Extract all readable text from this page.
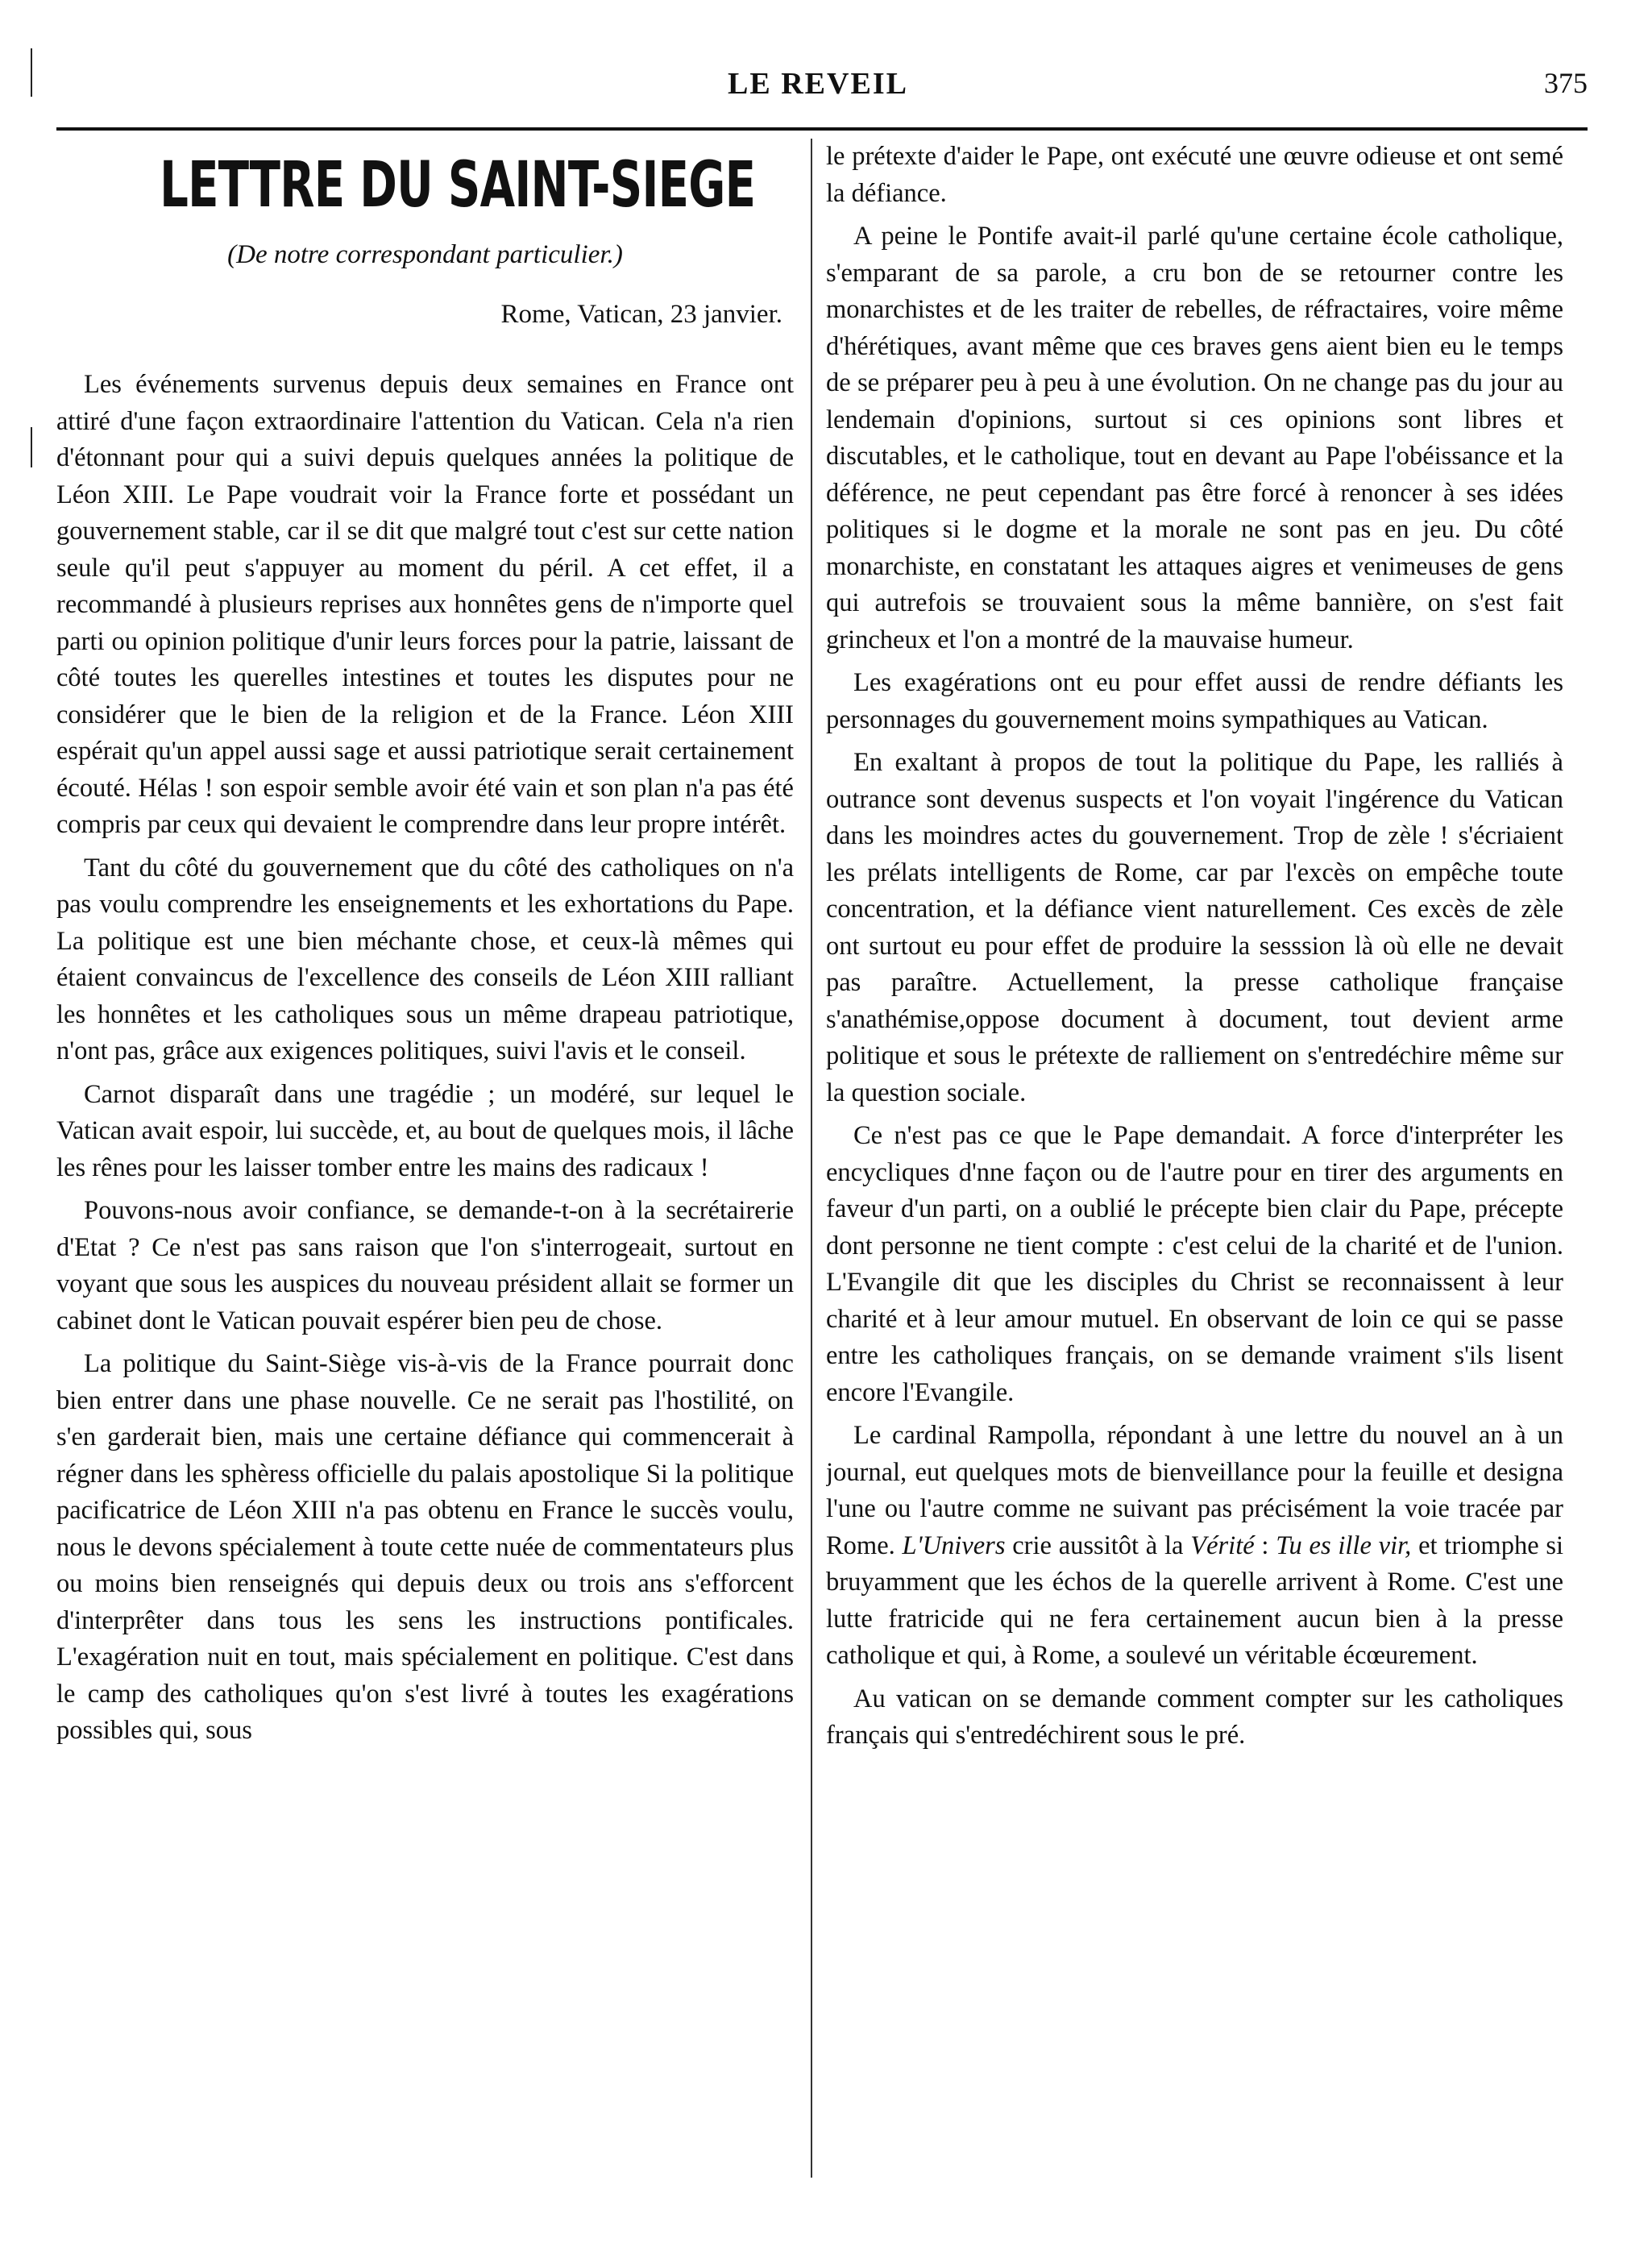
LE REVEIL	375
LETTRE DU SAINT-SIEGE
(De notre correspondant particulier.)
Rome, Vatican, 23 janvier.

Les événements survenus depuis deux semaines en France ont attiré d'une façon extraordinaire l'attention du Vatican. Cela n'a rien d'étonnant pour qui a suivi depuis quelques années la politique de Léon XIII. Le Pape voudrait voir la France forte et possédant un gouvernement stable, car il se dit que malgré tout c'est sur cette nation seule qu'il peut s'appuyer au moment du péril. A cet effet, il a recommandé à plusieurs reprises aux honnêtes gens de n'importe quel parti ou opinion politique d'unir leurs forces pour la patrie, laissant de côté toutes les querelles intestines et toutes les disputes pour ne considérer que le bien de la religion et de la France. Léon XIII espérait qu'un appel aussi sage et aussi patriotique serait certainement écouté. Hélas ! son espoir semble avoir été vain et son plan n'a pas été compris par ceux qui devaient le comprendre dans leur propre intérêt.

Tant du côté du gouvernement que du côté des catholiques on n'a pas voulu comprendre les enseignements et les exhortations du Pape. La politique est une bien méchante chose, et ceux-là mêmes qui étaient convaincus de l'excellence des conseils de Léon XIII ralliant les honnêtes et les catholiques sous un même drapeau patriotique, n'ont pas, grâce aux exigences politiques, suivi l'avis et le conseil.

Carnot disparaît dans une tragédie ; un modéré, sur lequel le Vatican avait espoir, lui succède, et, au bout de quelques mois, il lâche les rênes pour les laisser tomber entre les mains des radicaux !

Pouvons-nous avoir confiance, se demande-t-on à la secrétairerie d'Etat ? Ce n'est pas sans raison que l'on s'interrogeait, surtout en voyant que sous les auspices du nouveau président allait se former un cabinet dont le Vatican pouvait espérer bien peu de chose.

La politique du Saint-Siège vis-à-vis de la France pourrait donc bien entrer dans une phase nouvelle. Ce ne serait pas l'hostilité, on s'en garderait bien, mais une certaine défiance qui commencerait à régner dans les sphèress officielle du palais apostolique Si la politique pacificatrice de Léon XIII n'a pas obtenu en France le succès voulu, nous le devons spécialement à toute cette nuée de commentateurs plus ou moins bien renseignés qui depuis deux ou trois ans s'efforcent d'interprêter dans tous les sens les instructions pontificales. L'exagération nuit en tout, mais spécialement en politique. C'est dans le camp des catholiques qu'on s'est livré à toutes les exagérations possibles qui, sous

le prétexte d'aider le Pape, ont exécuté une œuvre odieuse et ont semé la défiance.

A peine le Pontife avait-il parlé qu'une certaine école catholique, s'emparant de sa parole, a cru bon de se retourner contre les monarchistes et de les traiter de rebelles, de réfractaires, voire même d'hérétiques, avant même que ces braves gens aient bien eu le temps de se préparer peu à peu à une évolution. On ne change pas du jour au lendemain d'opinions, surtout si ces opinions sont libres et discutables, et le catholique, tout en devant au Pape l'obéissance et la déférence, ne peut cependant pas être forcé à renoncer à ses idées politiques si le dogme et la morale ne sont pas en jeu. Du côté monarchiste, en constatant les attaques aigres et venimeuses de gens qui autrefois se trouvaient sous la même bannière, on s'est fait grincheux et l'on a montré de la mauvaise humeur.

Les exagérations ont eu pour effet aussi de rendre défiants les personnages du gouvernement moins sympathiques au Vatican.

En exaltant à propos de tout la politique du Pape, les ralliés à outrance sont devenus suspects et l'on voyait l'ingérence du Vatican dans les moindres actes du gouvernement. Trop de zèle ! s'écriaient les prélats intelligents de Rome, car par l'excès on empêche toute concentration, et la défiance vient naturellement. Ces excès de zèle ont surtout eu pour effet de produire la sesssion là où elle ne devait pas paraître. Actuellement, la presse catholique française s'anathémise,oppose document à document, tout devient arme politique et sous le prétexte de ralliement on s'entredéchire même sur la question sociale.

Ce n'est pas ce que le Pape demandait. A force d'interpréter les encycliques d'nne façon ou de l'autre pour en tirer des arguments en faveur d'un parti, on a oublié le précepte bien clair du Pape, précepte dont personne ne tient compte : c'est celui de la charité et de l'union. L'Evangile dit que les disciples du Christ se reconnaissent à leur charité et à leur amour mutuel. En observant de loin ce qui se passe entre les catholiques français, on se demande vraiment s'ils lisent encore l'Evangile.

Le cardinal Rampolla, répondant à une lettre du nouvel an à un journal, eut quelques mots de bienveillance pour la feuille et designa l'une ou l'autre comme ne suivant pas précisément la voie tracée par Rome. L'Univers crie aussitôt à la Vérité : Tu es ille vir, et triomphe si bruyamment que les échos de la querelle arrivent à Rome. C'est une lutte fratricide qui ne fera certainement aucun bien à la presse catholique et qui, à Rome, a soulevé un véritable écœurement.

Au vatican on se demande comment compter sur les catholiques français qui s'entredéchirent sous le pré.
